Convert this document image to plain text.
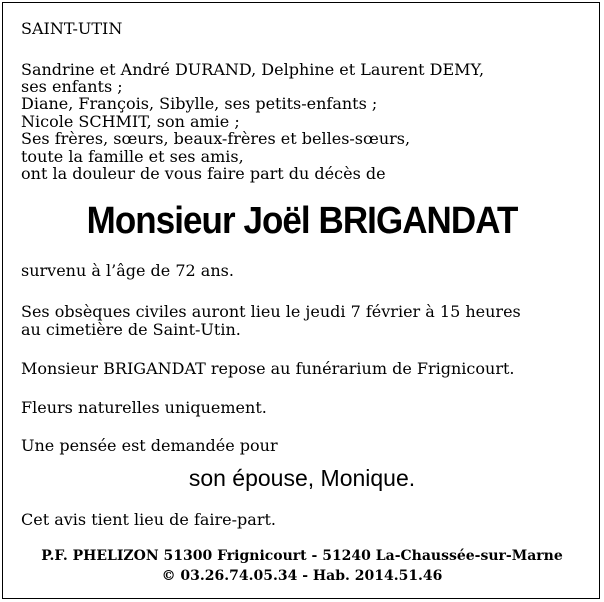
SAINT-UTIN

Sandrine et André DURAND, Delphine et Laurent DEMY,

ses enfants ;

Diane, François, Sibylle, ses petits-enfants ;

Nicole SCHMIT, son amie ;

Ses frères, sœurs, beaux-frères et belles-sœurs,

toute la famille et ses amis,

ont la douleur de vous faire part du décès de

Monsieur Joël BRIGANDAT

survenu à l’âge de 72 ans.

Ses obsèques civiles auront lieu le jeudi 7 février à 15 heures

au cimetière de Saint-Utin.

Monsieur BRIGANDAT repose au funérarium de Frignicourt.

Fleurs naturelles uniquement.

Une pensée est demandée pour

son épouse, Monique.

Cet avis tient lieu de faire-part.

P.F. PHELIZON 51300 Frignicourt - 51240 La-Chaussée-sur-Marne
© 03.26.74.05.34 - Hab. 2014.51.46
